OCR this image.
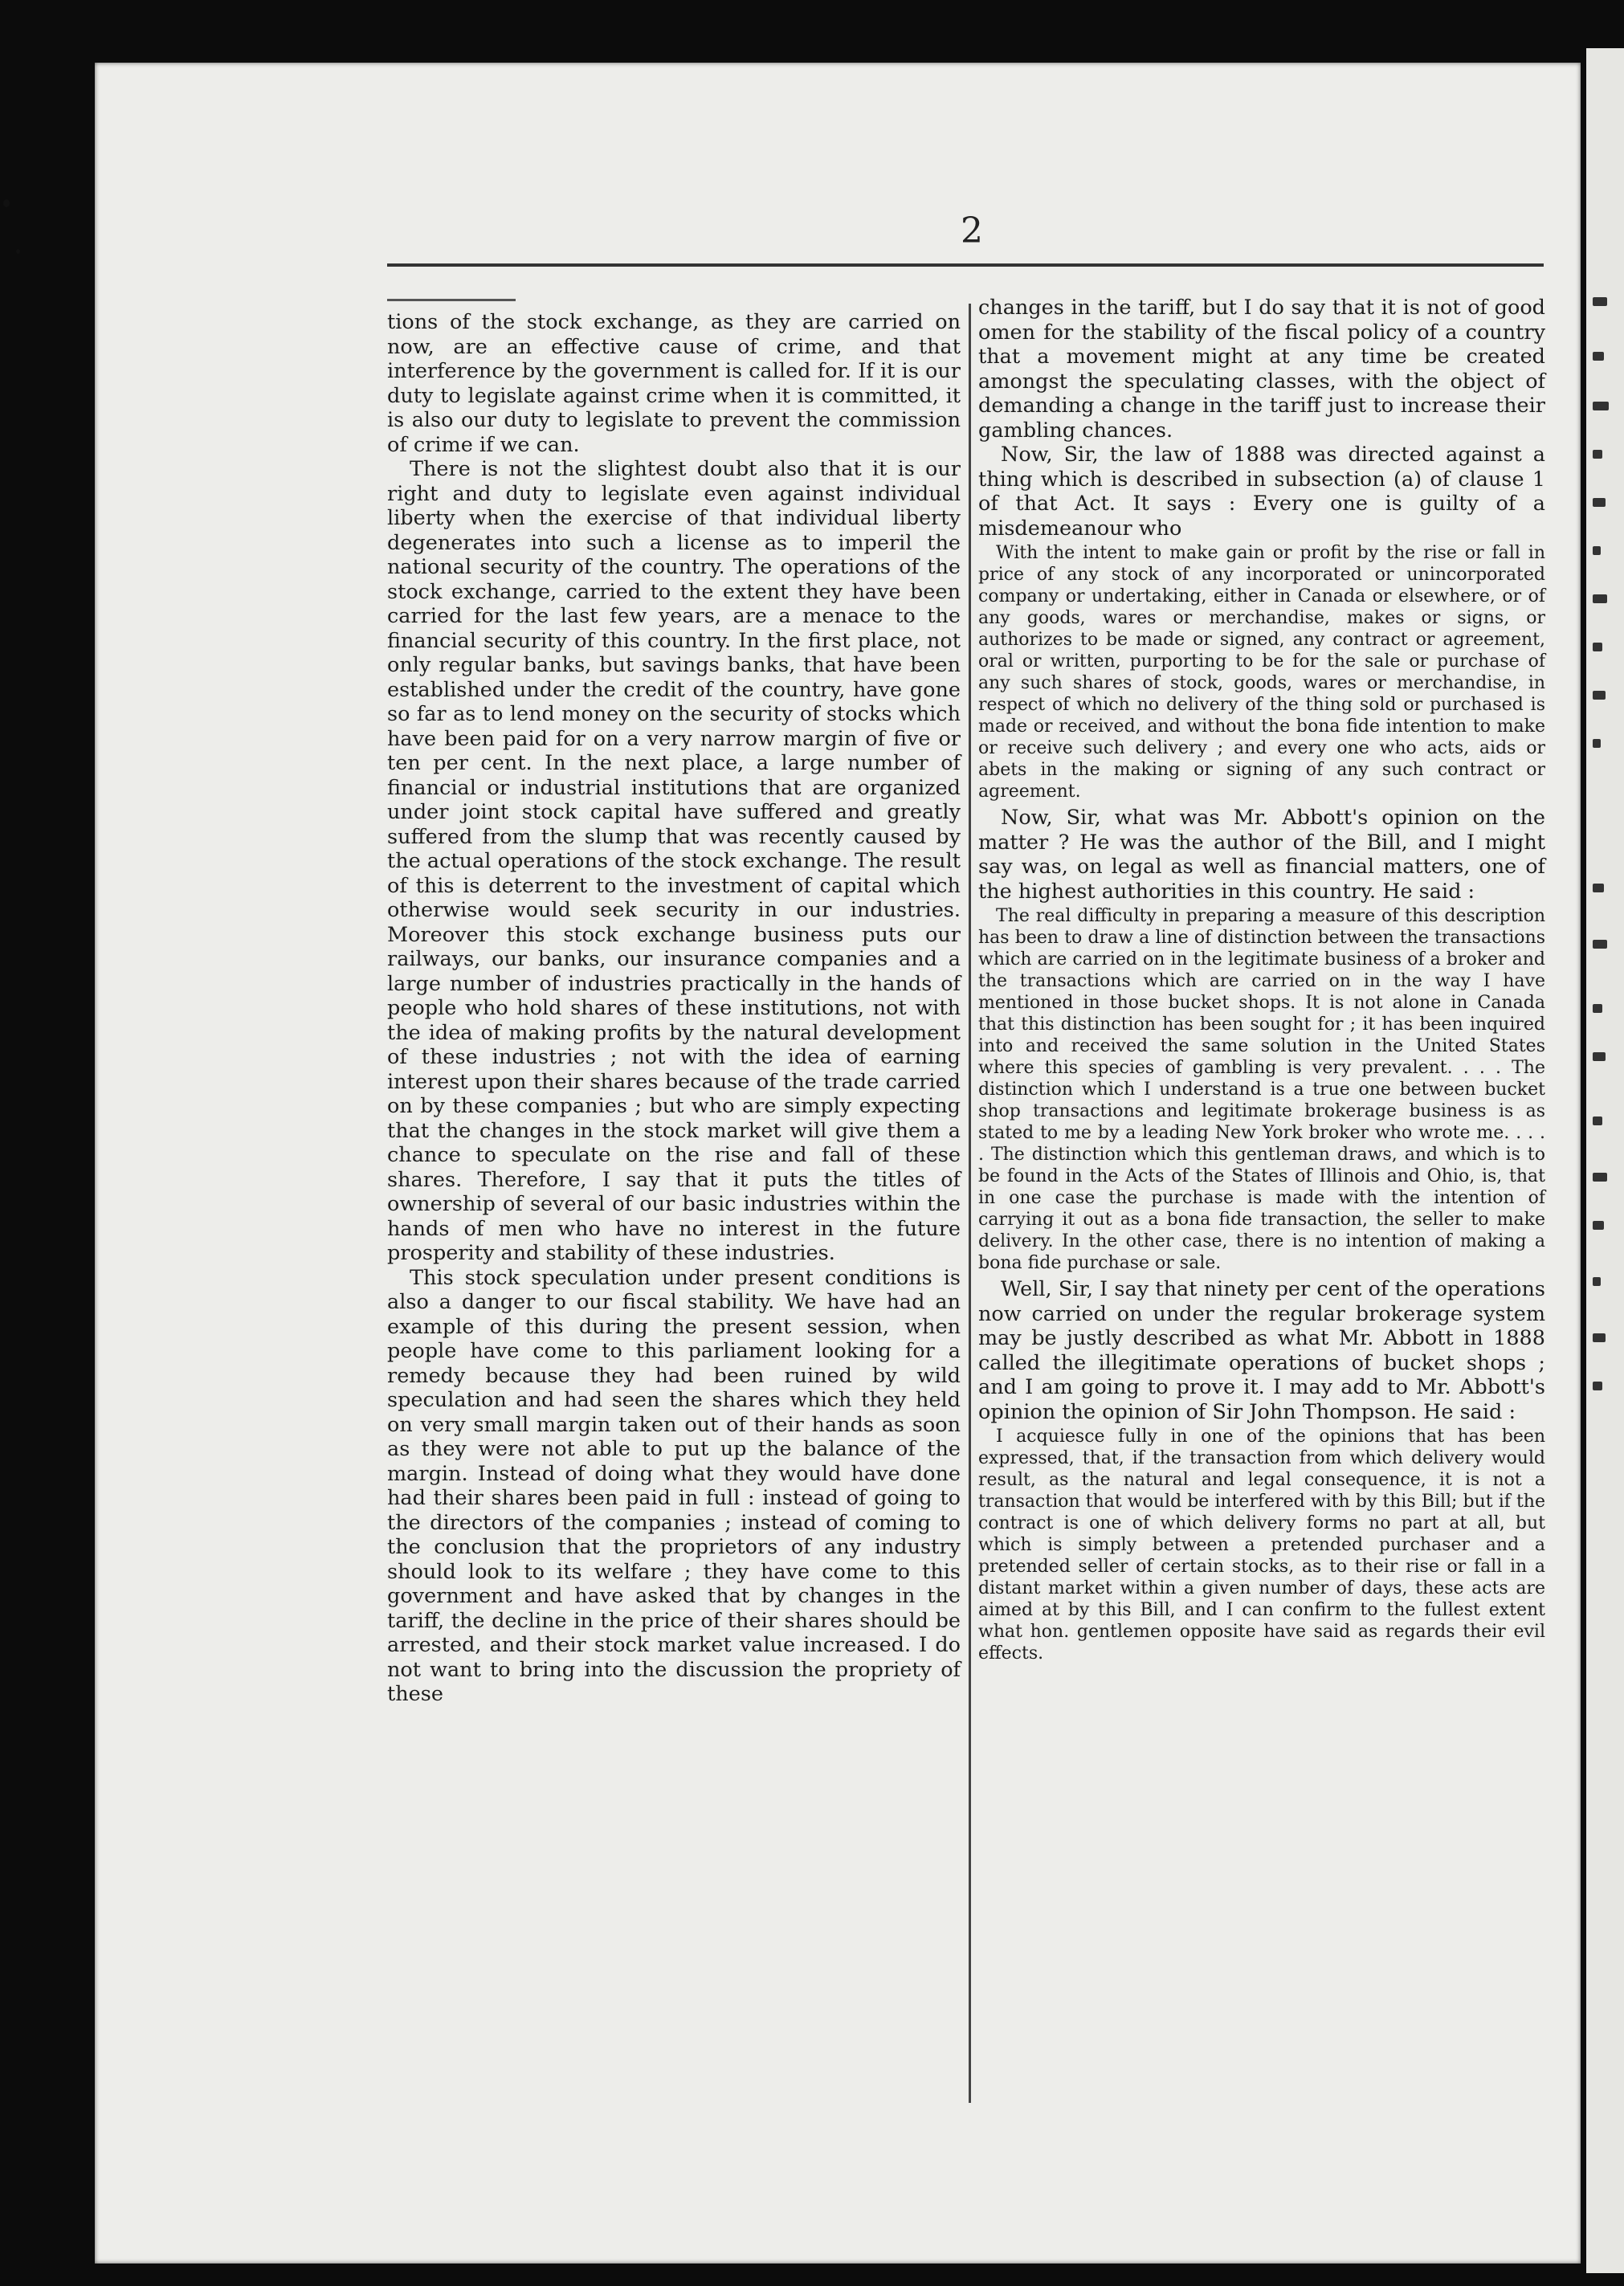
2

tions of the stock exchange, as they are carried on now, are an effective cause of crime, and that interference by the government is called for. If it is our duty to legislate against crime when it is committed, it is also our duty to legislate to prevent the commission of crime if we can.

There is not the slightest doubt also that it is our right and duty to legislate even against individual liberty when the exercise of that individual liberty degenerates into such a license as to imperil the national security of the country. The operations of the stock exchange, carried to the extent they have been carried for the last few years, are a menace to the financial security of this country. In the first place, not only regular banks, but savings banks, that have been established under the credit of the country, have gone so far as to lend money on the security of stocks which have been paid for on a very narrow margin of five or ten per cent. In the next place, a large number of financial or industrial institutions that are organized under joint stock capital have suffered and greatly suffered from the slump that was recently caused by the actual operations of the stock exchange. The result of this is deterrent to the investment of capital which otherwise would seek security in our industries. Moreover this stock exchange business puts our railways, our banks, our insurance companies and a large number of industries practically in the hands of people who hold shares of these institutions, not with the idea of making profits by the natural development of these industries ; not with the idea of earning interest upon their shares because of the trade carried on by these companies ; but who are simply expecting that the changes in the stock market will give them a chance to speculate on the rise and fall of these shares. Therefore, I say that it puts the titles of ownership of several of our basic industries within the hands of men who have no interest in the future prosperity and stability of these industries.

This stock speculation under present conditions is also a danger to our fiscal stability. We have had an example of this during the present session, when people have come to this parliament looking for a remedy because they had been ruined by wild speculation and had seen the shares which they held on very small margin taken out of their hands as soon as they were not able to put up the balance of the margin. Instead of doing what they would have done had their shares been paid in full : instead of going to the directors of the companies ; instead of coming to the conclusion that the proprietors of any industry should look to its welfare ; they have come to this government and have asked that by changes in the tariff, the decline in the price of their shares should be arrested, and their stock market value increased. I do not want to bring into the discussion the propriety of these

changes in the tariff, but I do say that it is not of good omen for the stability of the fiscal policy of a country that a movement might at any time be created amongst the speculating classes, with the object of demanding a change in the tariff just to increase their gambling chances.

Now, Sir, the law of 1888 was directed against a thing which is described in subsection (a) of clause 1 of that Act. It says : Every one is guilty of a misdemeanour who

With the intent to make gain or profit by the rise or fall in price of any stock of any incorporated or unincorporated company or undertaking, either in Canada or elsewhere, or of any goods, wares or merchandise, makes or signs, or authorizes to be made or signed, any contract or agreement, oral or written, purporting to be for the sale or purchase of any such shares of stock, goods, wares or merchandise, in respect of which no delivery of the thing sold or purchased is made or received, and without the bona fide intention to make or receive such delivery ; and every one who acts, aids or abets in the making or signing of any such contract or agreement.

Now, Sir, what was Mr. Abbott's opinion on the matter ? He was the author of the Bill, and I might say was, on legal as well as financial matters, one of the highest authorities in this country. He said :

The real difficulty in preparing a measure of this description has been to draw a line of distinction between the transactions which are carried on in the legitimate business of a broker and the transactions which are carried on in the way I have mentioned in those bucket shops. It is not alone in Canada that this distinction has been sought for ; it has been inquired into and received the same solution in the United States where this species of gambling is very prevalent. . . . The distinction which I understand is a true one between bucket shop transactions and legitimate brokerage business is as stated to me by a leading New York broker who wrote me. . . . . The distinction which this gentleman draws, and which is to be found in the Acts of the States of Illinois and Ohio, is, that in one case the purchase is made with the intention of carrying it out as a bona fide transaction, the seller to make delivery. In the other case, there is no intention of making a bona fide purchase or sale.

Well, Sir, I say that ninety per cent of the operations now carried on under the regular brokerage system may be justly described as what Mr. Abbott in 1888 called the illegitimate operations of bucket shops ; and I am going to prove it. I may add to Mr. Abbott's opinion the opinion of Sir John Thompson. He said :

I acquiesce fully in one of the opinions that has been expressed, that, if the transaction from which delivery would result, as the natural and legal consequence, it is not a transaction that would be interfered with by this Bill; but if the contract is one of which delivery forms no part at all, but which is simply between a pretended purchaser and a pretended seller of certain stocks, as to their rise or fall in a distant market within a given number of days, these acts are aimed at by this Bill, and I can confirm to the fullest extent what hon. gentlemen opposite have said as regards their evil effects.
